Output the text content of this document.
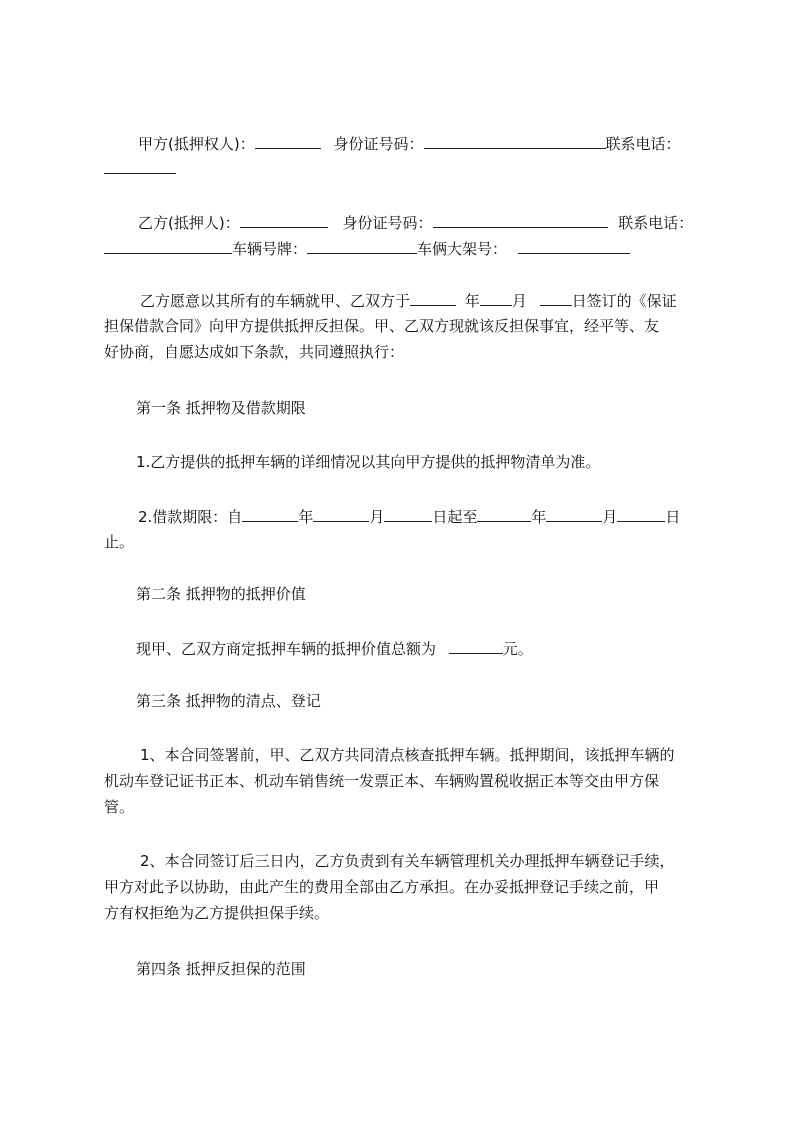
甲方(抵押权人)：	身份证号码：	联系电话：
乙方(抵押人)：	身份证号码：	联系电话：
车辆号牌：	车俩大架号：
乙方愿意以其所有的车辆就甲、乙双方于	年 月	日签订的《保证
担保借款合同》向甲方提供抵押反担保。甲、乙双方现就该反担保事宜，经平等、友
好协商，自愿达成如下条款，共同遵照执行：
第一条 抵押物及借款期限
1.乙方提供的抵押车辆的详细情况以其向甲方提供的抵押物清单为准。
2.借款期限：自	年	月	日起至	年	月	日
止。
第二条 抵押物的抵押价值
现甲、乙双方商定抵押车辆的抵押价值总额为	元。
第三条 抵押物的清点、登记
1、本合同签署前，甲、乙双方共同清点核查抵押车辆。抵押期间，该抵押车辆的
机动车登记证书正本、机动车销售统一发票正本、车辆购置税收据正本等交由甲方保
管。
2、本合同签订后三日内，乙方负责到有关车辆管理机关办理抵押车辆登记手续，
甲方对此予以协助，由此产生的费用全部由乙方承担。在办妥抵押登记手续之前，甲
方有权拒绝为乙方提供担保手续。
第四条 抵押反担保的范围
